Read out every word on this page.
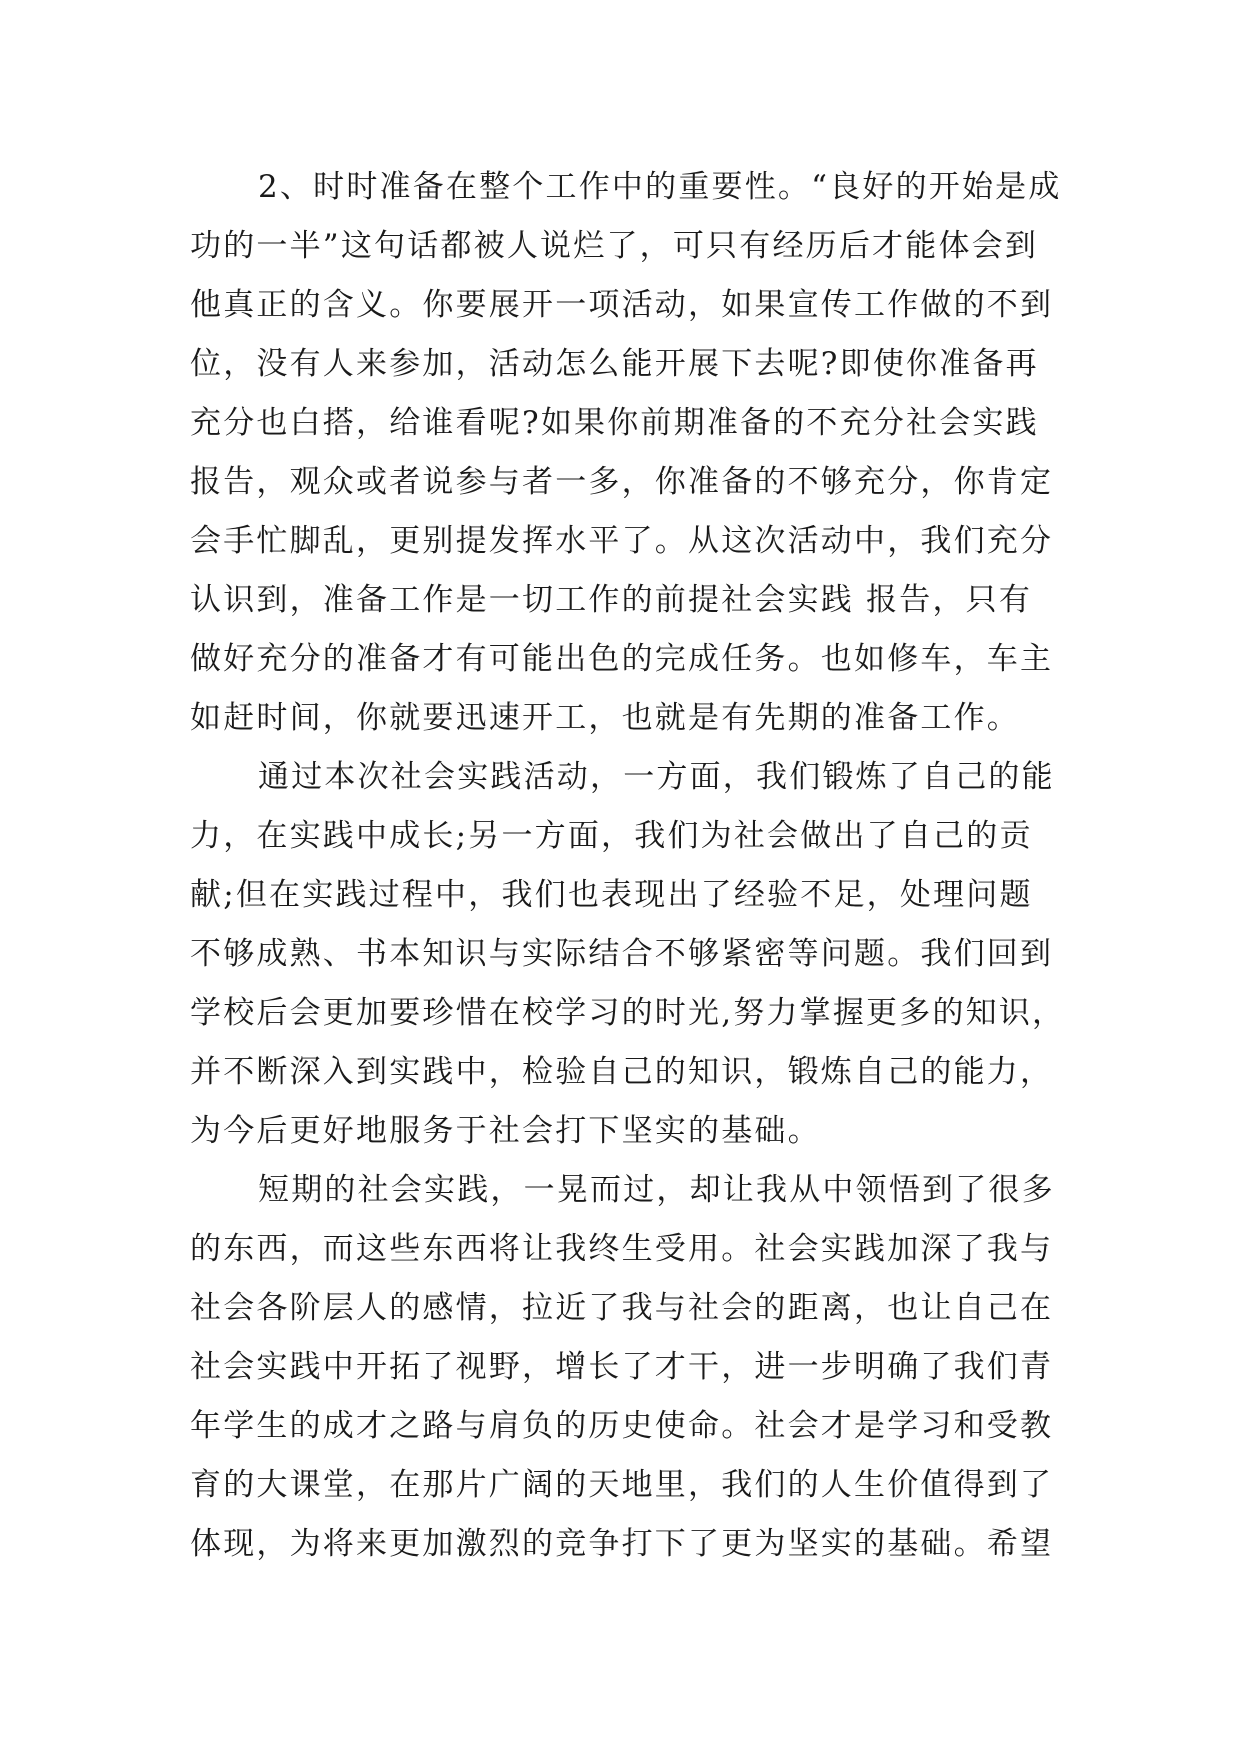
2、时时准备在整个工作中的重要性。“良好的开始是成
功的一半”这句话都被人说烂了，可只有经历后才能体会到
他真正的含义。你要展开一项活动，如果宣传工作做的不到
位，没有人来参加，活动怎么能开展下去呢?即使你准备再
充分也白搭，给谁看呢?如果你前期准备的不充分社会实践
报告，观众或者说参与者一多，你准备的不够充分，你肯定
会手忙脚乱，更别提发挥水平了。从这次活动中，我们充分
认识到，准备工作是一切工作的前提社会实践 报告，只有
做好充分的准备才有可能出色的完成任务。也如修车，车主
如赶时间，你就要迅速开工，也就是有先期的准备工作。
通过本次社会实践活动，一方面，我们锻炼了自己的能
力，在实践中成长;另一方面，我们为社会做出了自己的贡
献;但在实践过程中，我们也表现出了经验不足，处理问题
不够成熟、书本知识与实际结合不够紧密等问题。我们回到
学校后会更加要珍惜在校学习的时光,努力掌握更多的知识，
并不断深入到实践中，检验自己的知识，锻炼自己的能力，
为今后更好地服务于社会打下坚实的基础。
短期的社会实践，一晃而过，却让我从中领悟到了很多
的东西，而这些东西将让我终生受用。社会实践加深了我与
社会各阶层人的感情，拉近了我与社会的距离，也让自己在
社会实践中开拓了视野，增长了才干，进一步明确了我们青
年学生的成才之路与肩负的历史使命。社会才是学习和受教
育的大课堂，在那片广阔的天地里，我们的人生价值得到了
体现，为将来更加激烈的竞争打下了更为坚实的基础。希望
